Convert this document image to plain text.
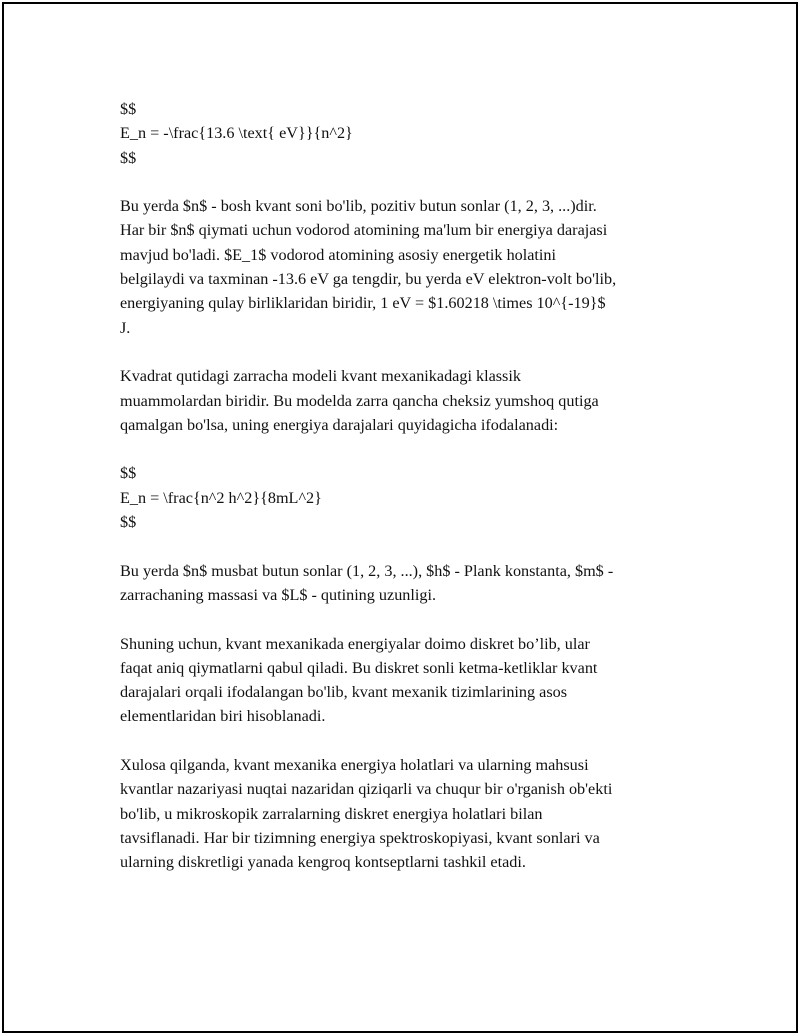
$$
E_n = -\frac{13.6 \text{ eV}}{n^2}
$$
Bu yerda $n$ - bosh kvant soni bo'lib, pozitiv butun sonlar (1, 2, 3, ...)dir.
Har bir $n$ qiymati uchun vodorod atomining ma'lum bir energiya darajasi
mavjud bo'ladi. $E_1$ vodorod atomining asosiy energetik holatini
belgilaydi va taxminan -13.6 eV ga tengdir, bu yerda eV elektron-volt bo'lib,
energiyaning qulay birliklaridan biridir, 1 eV = $1.60218 \times 10^{-19}$
J.
Kvadrat qutidagi zarracha modeli kvant mexanikadagi klassik
muammolardan biridir. Bu modelda zarra qancha cheksiz yumshoq qutiga
qamalgan bo'lsa, uning energiya darajalari quyidagicha ifodalanadi:
$$
E_n = \frac{n^2 h^2}{8mL^2}
$$
Bu yerda $n$ musbat butun sonlar (1, 2, 3, ...), $h$ - Plank konstanta, $m$ -
zarrachaning massasi va $L$ - qutining uzunligi.
Shuning uchun, kvant mexanikada energiyalar doimo diskret bo’lib, ular
faqat aniq qiymatlarni qabul qiladi. Bu diskret sonli ketma-ketliklar kvant
darajalari orqali ifodalangan bo'lib, kvant mexanik tizimlarining asos
elementlaridan biri hisoblanadi.
Xulosa qilganda, kvant mexanika energiya holatlari va ularning mahsusi
kvantlar nazariyasi nuqtai nazaridan qiziqarli va chuqur bir o'rganish ob'ekti
bo'lib, u mikroskopik zarralarning diskret energiya holatlari bilan
tavsiflanadi. Har bir tizimning energiya spektroskopiyasi, kvant sonlari va
ularning diskretligi yanada kengroq kontseptlarni tashkil etadi.
